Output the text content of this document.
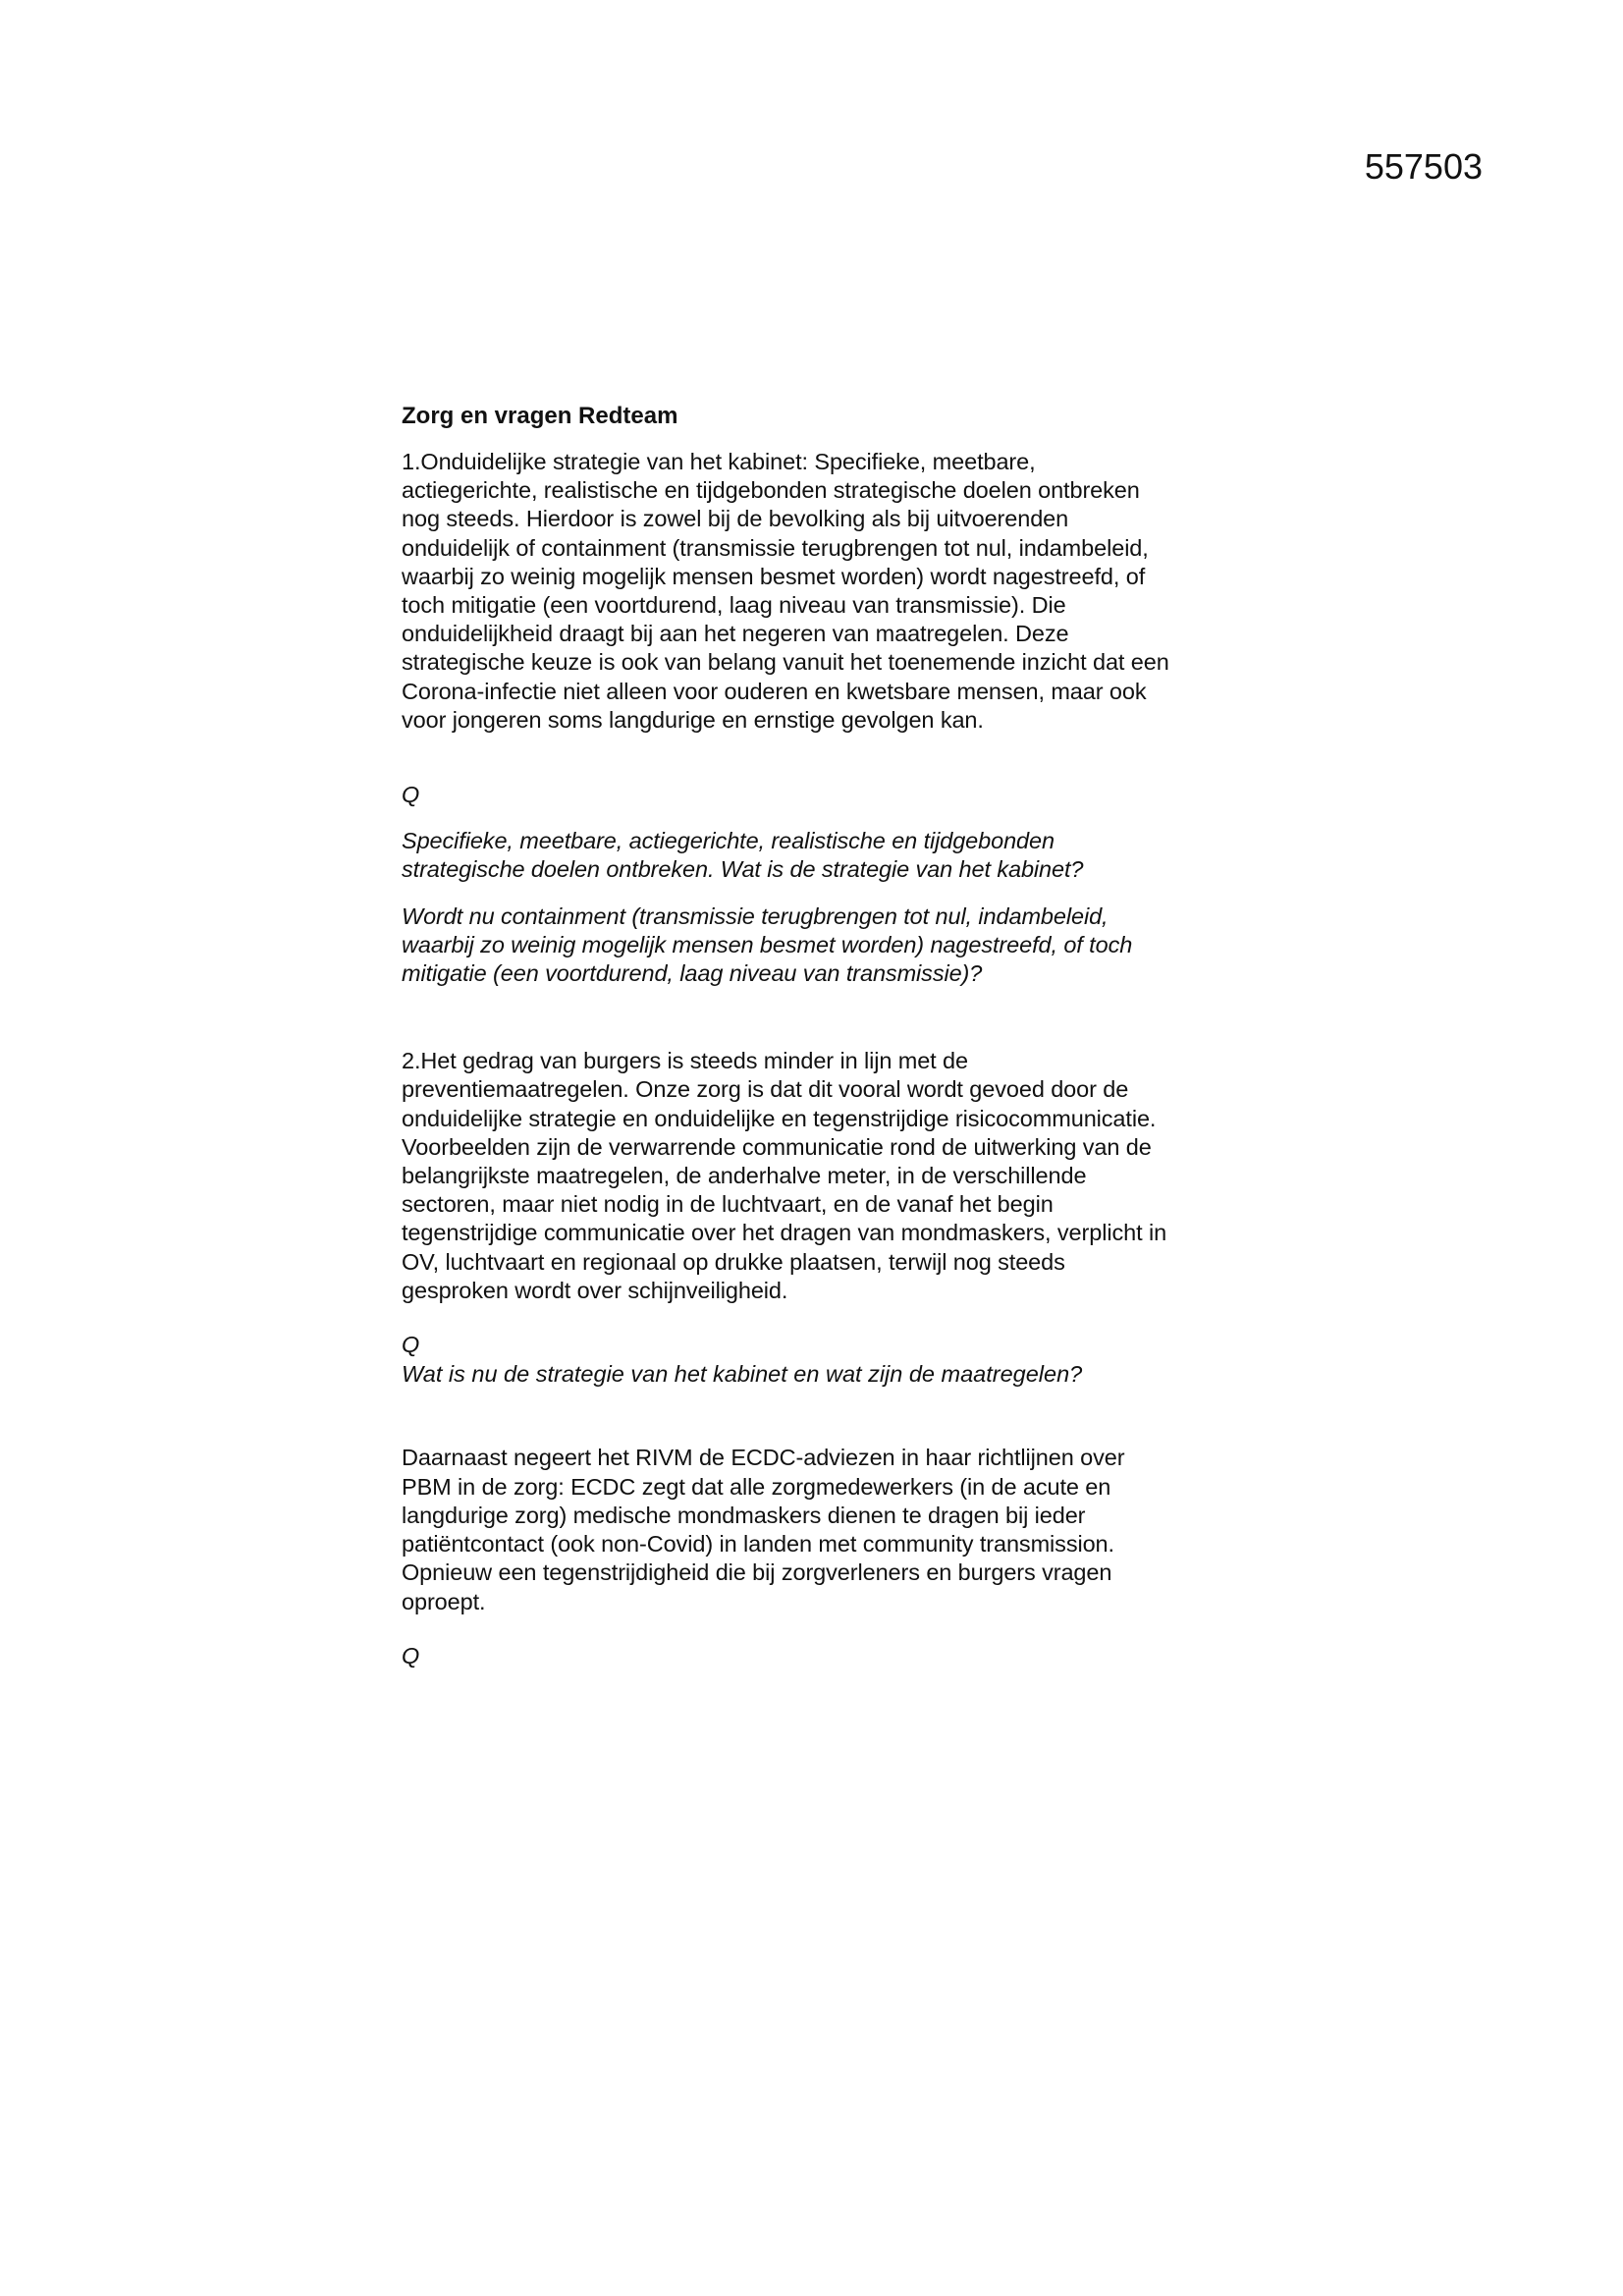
557503
Zorg en vragen Redteam
1.Onduidelijke strategie van het kabinet: Specifieke, meetbare,
actiegerichte, realistische en tijdgebonden strategische doelen ontbreken
nog steeds. Hierdoor is zowel bij de bevolking als bij uitvoerenden
onduidelijk of containment (transmissie terugbrengen tot nul, indambeleid,
waarbij zo weinig mogelijk mensen besmet worden) wordt nagestreefd, of
toch mitigatie (een voortdurend, laag niveau van transmissie). Die
onduidelijkheid draagt bij aan het negeren van maatregelen. Deze
strategische keuze is ook van belang vanuit het toenemende inzicht dat een
Corona-infectie niet alleen voor ouderen en kwetsbare mensen, maar ook
voor jongeren soms langdurige en ernstige gevolgen kan.
Q
Specifieke, meetbare, actiegerichte, realistische en tijdgebonden
strategische doelen ontbreken. Wat is de strategie van het kabinet?
Wordt nu containment (transmissie terugbrengen tot nul, indambeleid,
waarbij zo weinig mogelijk mensen besmet worden) nagestreefd, of toch
mitigatie (een voortdurend, laag niveau van transmissie)?
2.Het gedrag van burgers is steeds minder in lijn met de
preventiemaatregelen. Onze zorg is dat dit vooral wordt gevoed door de
onduidelijke strategie en onduidelijke en tegenstrijdige risicocommunicatie.
Voorbeelden zijn de verwarrende communicatie rond de uitwerking van de
belangrijkste maatregelen, de anderhalve meter, in de verschillende
sectoren, maar niet nodig in de luchtvaart, en de vanaf het begin
tegenstrijdige communicatie over het dragen van mondmaskers, verplicht in
OV, luchtvaart en regionaal op drukke plaatsen, terwijl nog steeds
gesproken wordt over schijnveiligheid.
Q
Wat is nu de strategie van het kabinet en wat zijn de maatregelen?
Daarnaast negeert het RIVM de ECDC-adviezen in haar richtlijnen over
PBM in de zorg: ECDC zegt dat alle zorgmedewerkers (in de acute en
langdurige zorg) medische mondmaskers dienen te dragen bij ieder
patiëntcontact (ook non-Covid) in landen met community transmission.
Opnieuw een tegenstrijdigheid die bij zorgverleners en burgers vragen
oproept.
Q
